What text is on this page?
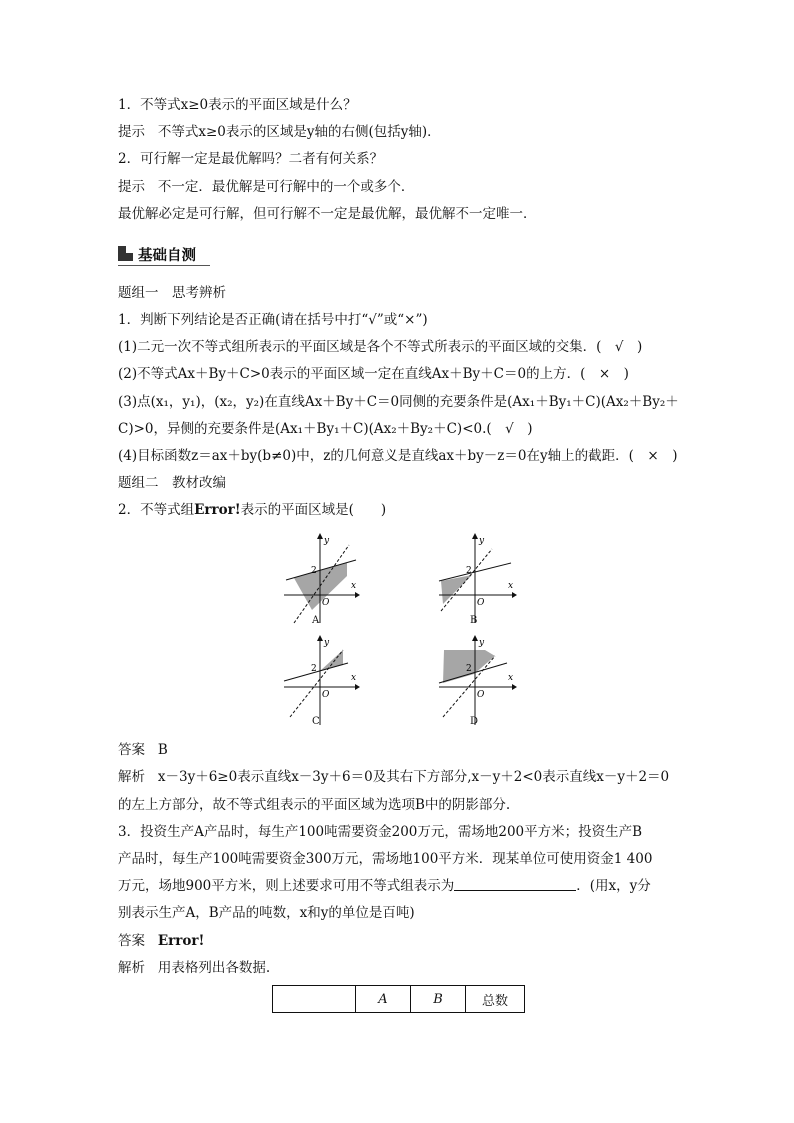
1．不等式x≥0表示的平面区域是什么？
提示 不等式x≥0表示的区域是y轴的右侧(包括y轴)．
2．可行解一定是最优解吗？二者有何关系？
提示 不一定．最优解是可行解中的一个或多个．
最优解必定是可行解，但可行解不一定是最优解，最优解不一定唯一．
基础自测
题组一　思考辨析
1．判断下列结论是否正确(请在括号中打“√”或“×”)
(1)二元一次不等式组所表示的平面区域是各个不等式所表示的平面区域的交集．(　√　)
(2)不等式Ax＋By＋C>0表示的平面区域一定在直线Ax＋By＋C＝0的上方．(　×　)
(3)点(x₁，y₁)，(x₂，y₂)在直线Ax＋By＋C＝0同侧的充要条件是(Ax₁＋By₁＋C)(Ax₂＋By₂＋
C)>0，异侧的充要条件是(Ax₁＋By₁＋C)(Ax₂＋By₂＋C)<0.(　√　)
(4)目标函数z＝ax＋by(b≠0)中，z的几何意义是直线ax＋by－z＝0在y轴上的截距．(　×　)
题组二　教材改编
2．不等式组Error!表示的平面区域是(　　)
y
x
2
O
A
y
x
2
O
B
y
x
2
O
C
y
x
2
O
D
答案 B
解析 x－3y＋6≥0表示直线x－3y＋6＝0及其右下方部分,x－y＋2<0表示直线x－y＋2＝0
的左上方部分，故不等式组表示的平面区域为选项B中的阴影部分.
3．投资生产A产品时，每生产100吨需要资金200万元，需场地200平方米；投资生产B
产品时，每生产100吨需要资金300万元，需场地100平方米．现某单位可使用资金1 400
万元，场地900平方米，则上述要求可用不等式组表示为	．(用x，y分
别表示生产A，B产品的吨数，x和y的单位是百吨)
答案 Error!
解析 用表格列出各数据.
	A	B	总数
